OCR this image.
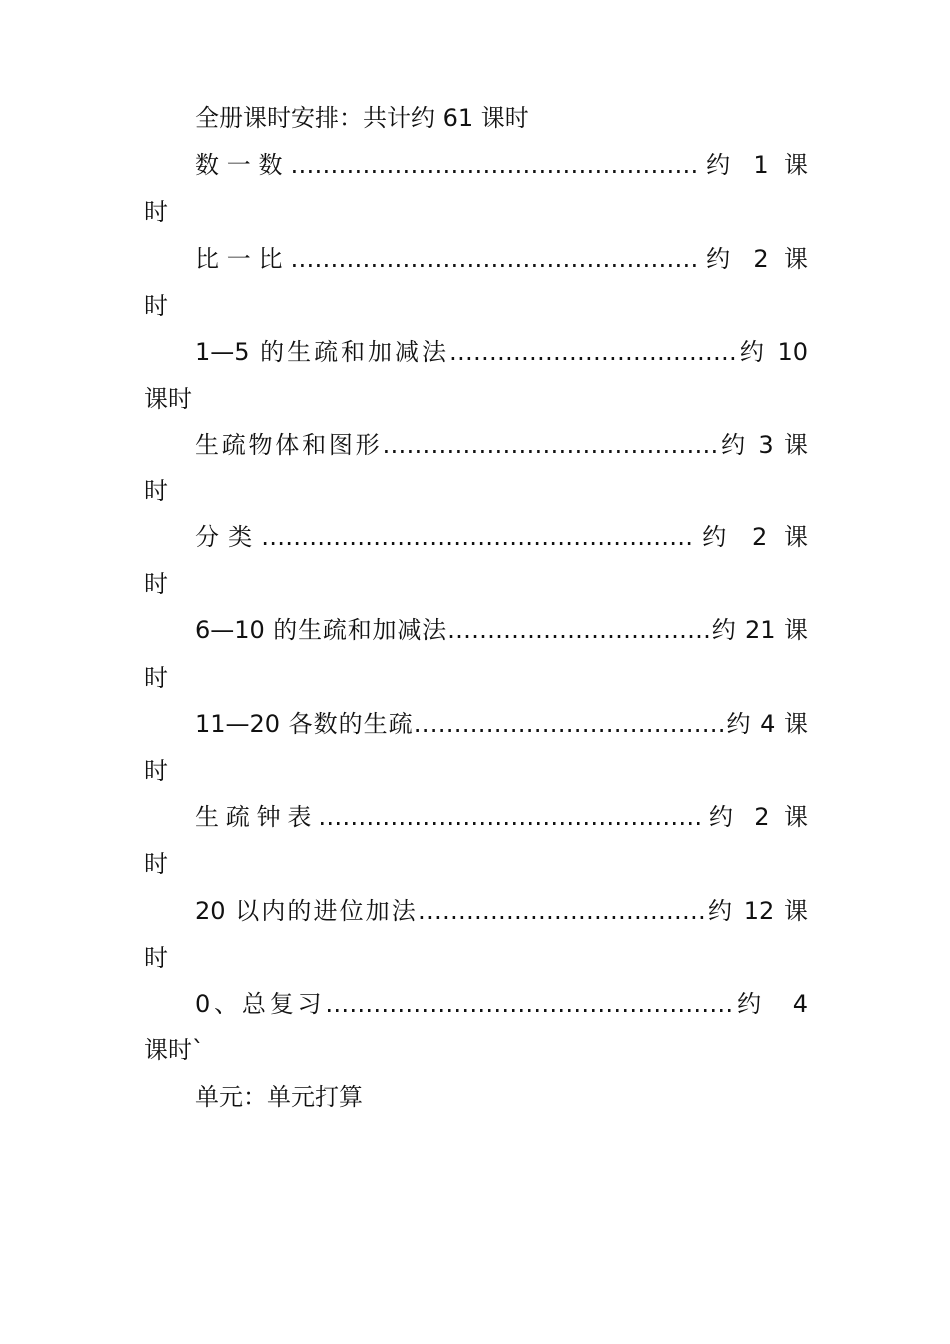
全册课时安排：共计约 61 课时
数一数……………………………………………约 1 课
时
比一比……………………………………………约 2 课
时
1—5 的生疏和加减法………………………………约 10
课时
生疏物体和图形……………………………………约 3 课
时
分类………………………………………………约 2 课
时
6—10 的生疏和加减法……………………………约 21 课
时
11—20 各数的生疏…………………………………约 4 课
时
生疏钟表…………………………………………约 2 课
时
20 以内的进位加法………………………………约 12 课
时
0、总复习……………………………………………约　4
课时`
单元：单元打算
